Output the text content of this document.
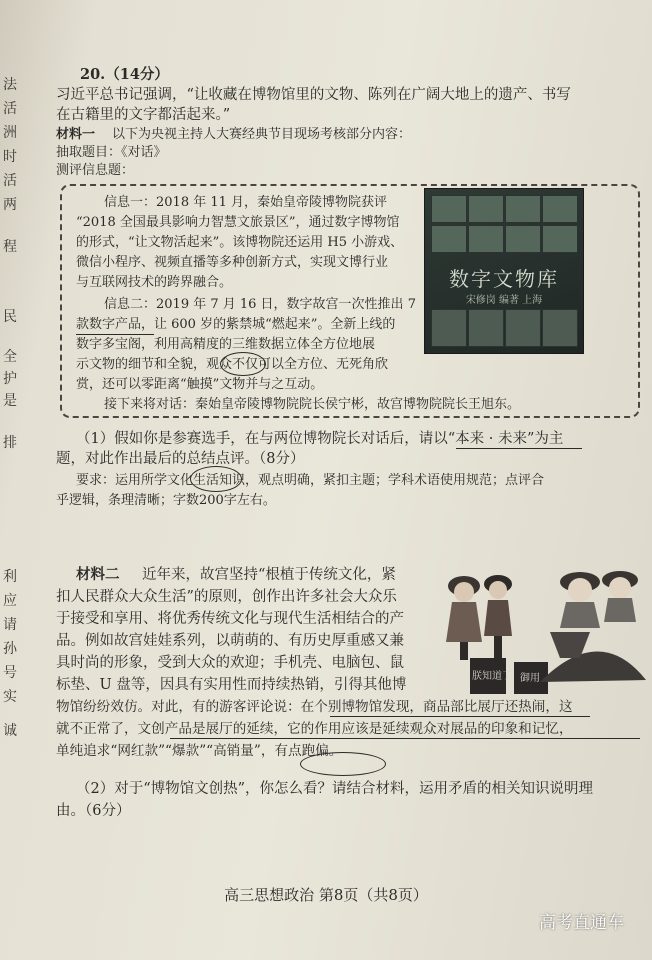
法
活
洲
时
活
两
程
民
全
护
是
排
利
应
请
孙
号
实
诚
20.（14分）
习近平总书记强调，“让收藏在博物馆里的文物、陈列在广阔大地上的遗产、书写
在古籍里的文字都活起来。”
材料一 以下为央视主持人大赛经典节目现场考核部分内容：
抽取题目：《对话》
测评信息题：
信息一：2018 年 11 月，秦始皇帝陵博物院获评
“2018 全国最具影响力智慧文旅景区”，通过数字博物馆
的形式，“让文物活起来”。该博物院还运用 H5 小游戏、
微信小程序、视频直播等多种创新方式，实现文博行业
与互联网技术的跨界融合。
信息二：2019 年 7 月 16 日，数字故宫一次性推出 7
款数字产品，让 600 岁的紫禁城“燃起来”。全新上线的
数字多宝阁，利用高精度的三维数据立体全方位地展
示文物的细节和全貌，观众不仅可以全方位、无死角欣
赏，还可以零距离“触摸”文物并与之互动。
接下来将对话：秦始皇帝陵博物院院长侯宁彬，故宫博物院院长王旭东。
数字文物库
宋修岗 编著 上海
（1）假如你是参赛选手，在与两位博物院长对话后，请以“本来 · 未来”为主
题，对此作出最后的总结点评。（8分）
要求：运用所学文化生活知识，观点明确，紧扣主题；学科术语使用规范；点评合
乎逻辑，条理清晰；字数200字左右。
材料二 近年来，故宫坚持“根植于传统文化，紧
扣人民群众大众生活”的原则，创作出许多社会大众乐
于接受和享用、将优秀传统文化与现代生活相结合的产
品。例如故宫娃娃系列，以萌萌的、有历史厚重感又兼
具时尚的形象，受到大众的欢迎；手机壳、电脑包、鼠
标垫、U 盘等，因具有实用性而持续热销，引得其他博
物馆纷纷效仿。对此，有的游客评论说：在个别博物馆发现，商品部比展厅还热闹，这
就不正常了，文创产品是展厅的延续，它的作用应该是延续观众对展品的印象和记忆，
单纯追求“网红款”“爆款”“高销量”，有点跑偏。
朕知道了 御用
（2）对于“博物馆文创热”，你怎么看？请结合材料，运用矛盾的相关知识说明理
由。（6分）
高三思想政治 第8页（共8页）
高考直通车
